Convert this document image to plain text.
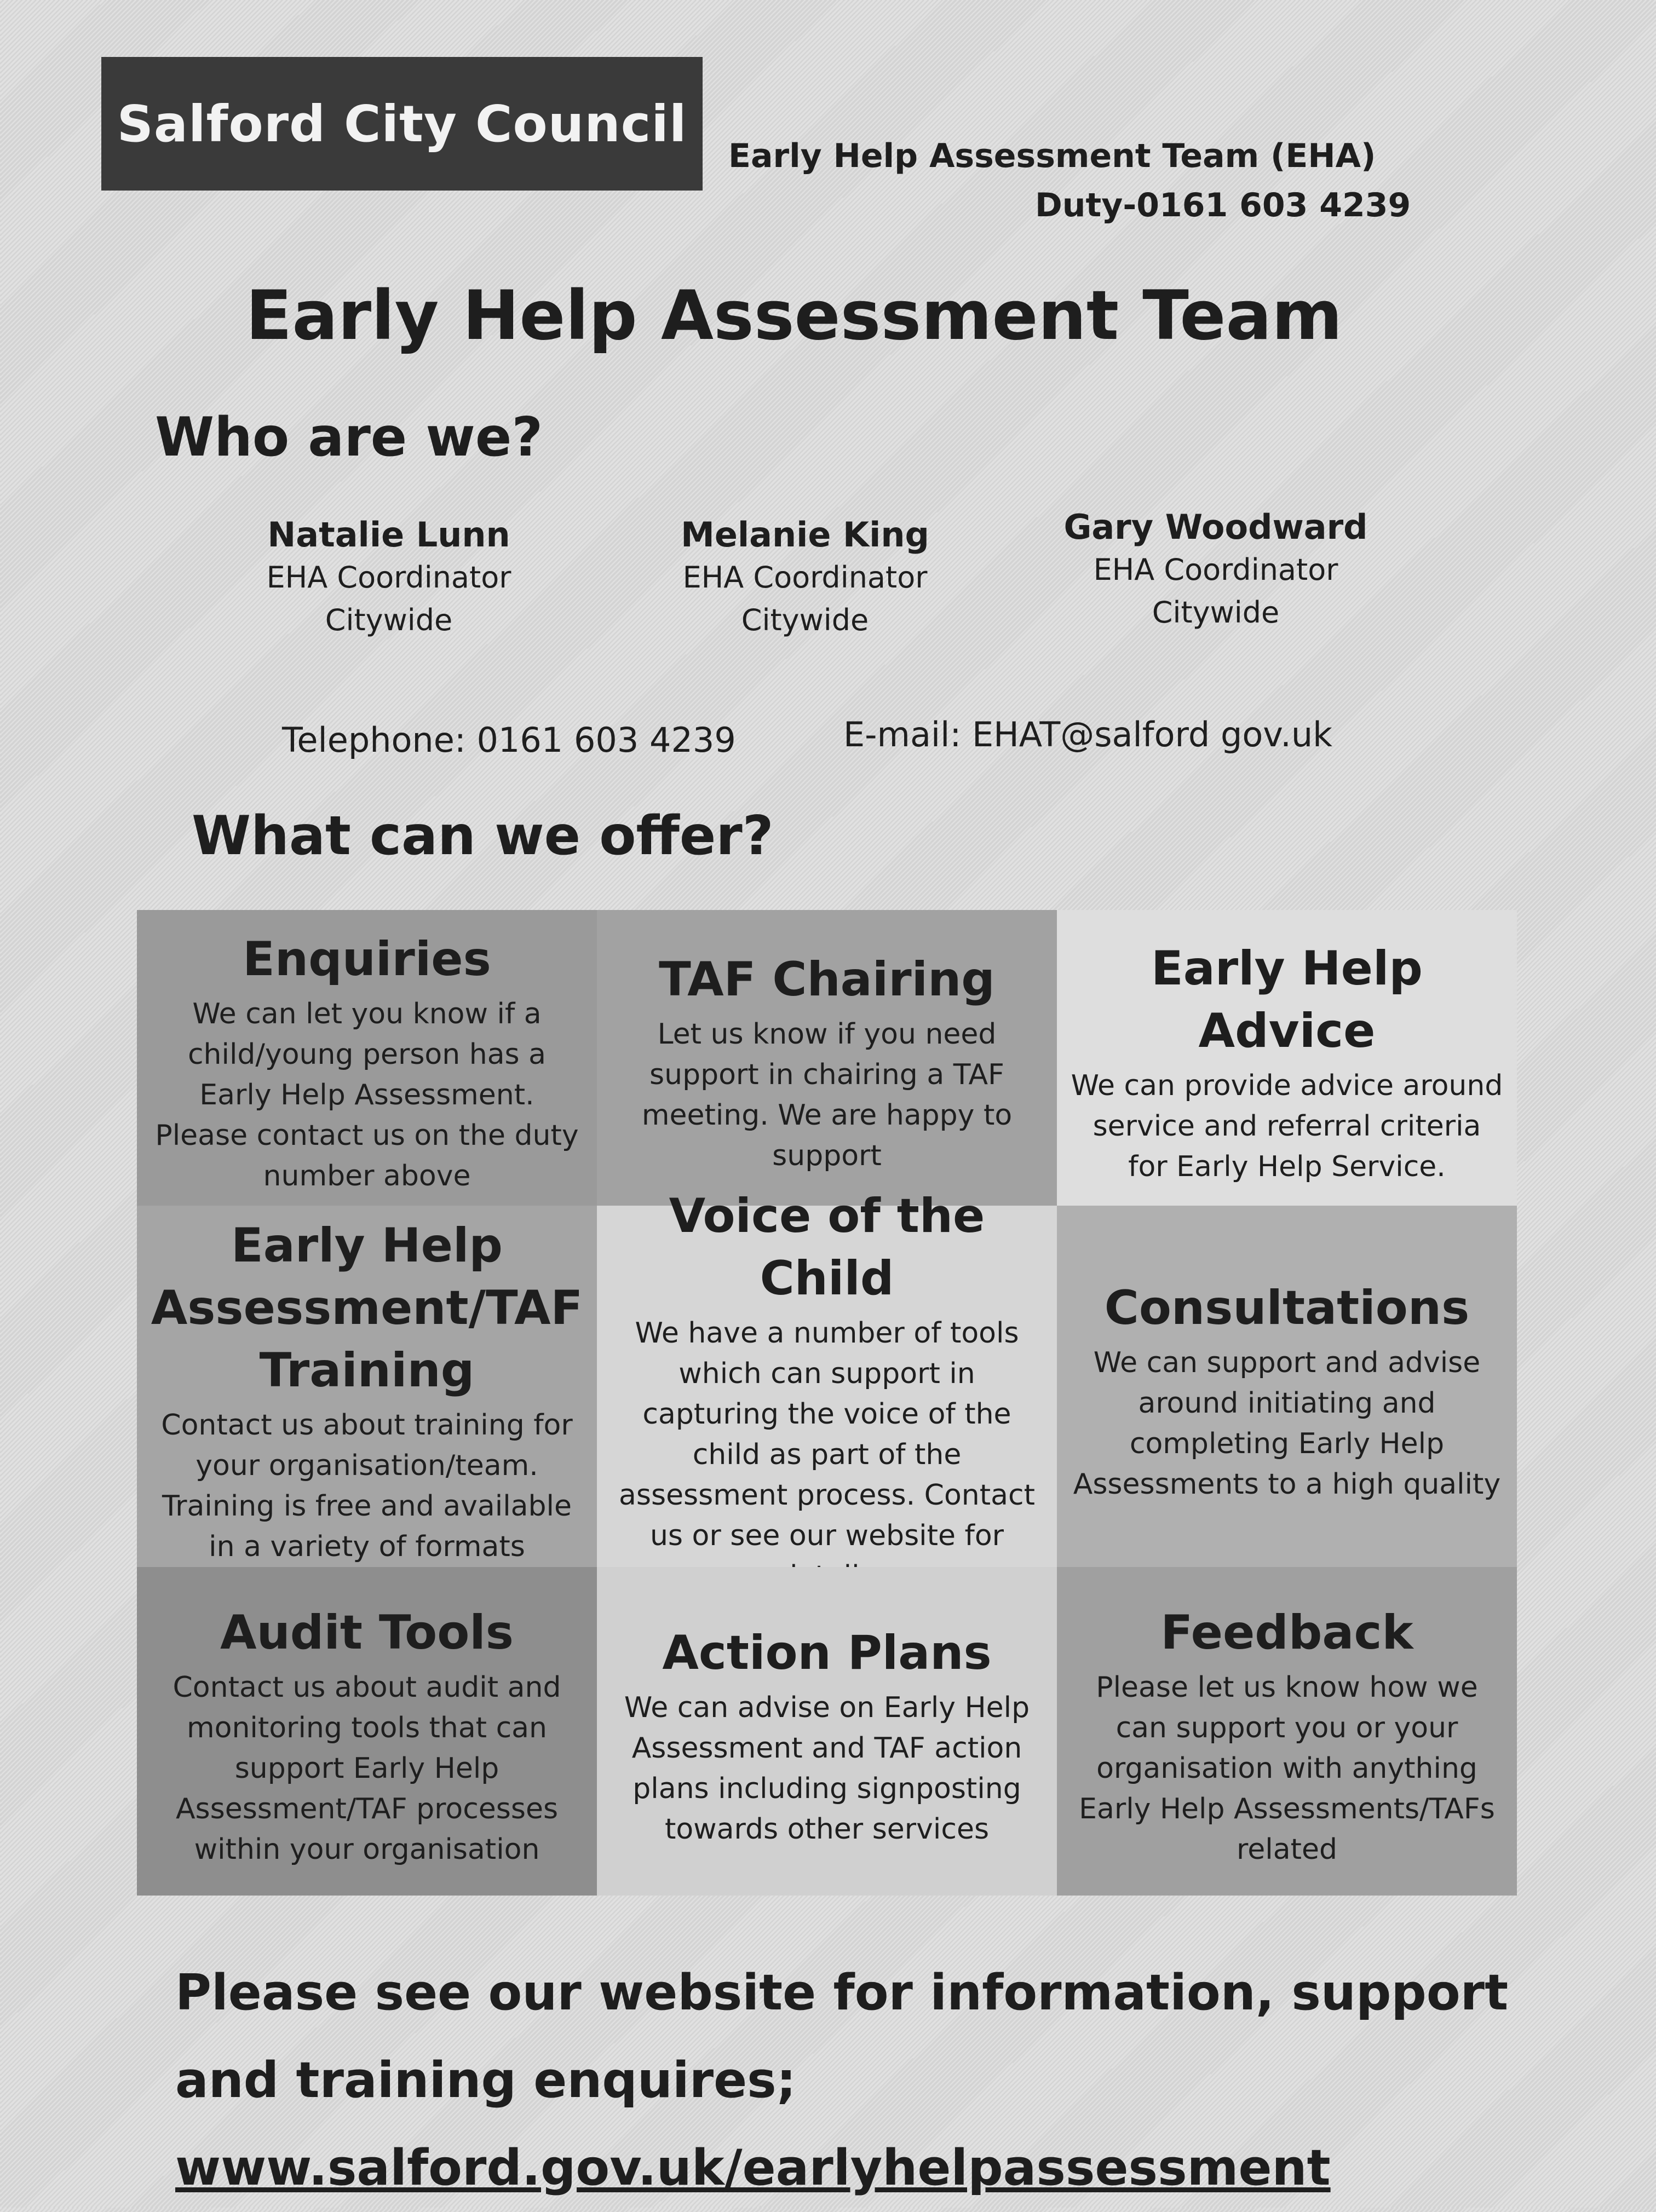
Salford City Council
Early Help Assessment Team (EHA)
Duty-0161 603 4239
Early Help Assessment Team
Who are we?
Natalie Lunn
EHA Coordinator
Citywide
Melanie King
EHA Coordinator
Citywide
Gary Woodward
EHA Coordinator
Citywide
Telephone: 0161 603 4239	E-mail: EHAT@salford gov.uk
What can we offer?
Enquiries
We can let you know if a child/young person has a Early Help Assessment. Please contact us on the duty number above
TAF Chairing
Let us know if you need support in chairing a TAF meeting. We are happy to support
Early Help Advice
We can provide advice around service and referral criteria for Early Help Service.
Early Help Assessment/TAF Training
Contact us about training for your organisation/team. Training is free and available in a variety of formats
Voice of the Child
We have a number of tools which can support in capturing the voice of the child as part of the assessment process. Contact us or see our website for
Consultations
We can support and advise around initiating and completing Early Help Assessments to a high quality
Audit Tools
Contact us about audit and monitoring tools that can support Early Help Assessment/TAF processes within your organisation
Action Plans
We can advise on Early Help Assessment and TAF action plans including signposting towards other services
Feedback
Please let us know how we can support you or your organisation with anything Early Help Assessments/TAFs related
Please see our website for information, support and training enquires;
www.salford.gov.uk/earlyhelpassessment
